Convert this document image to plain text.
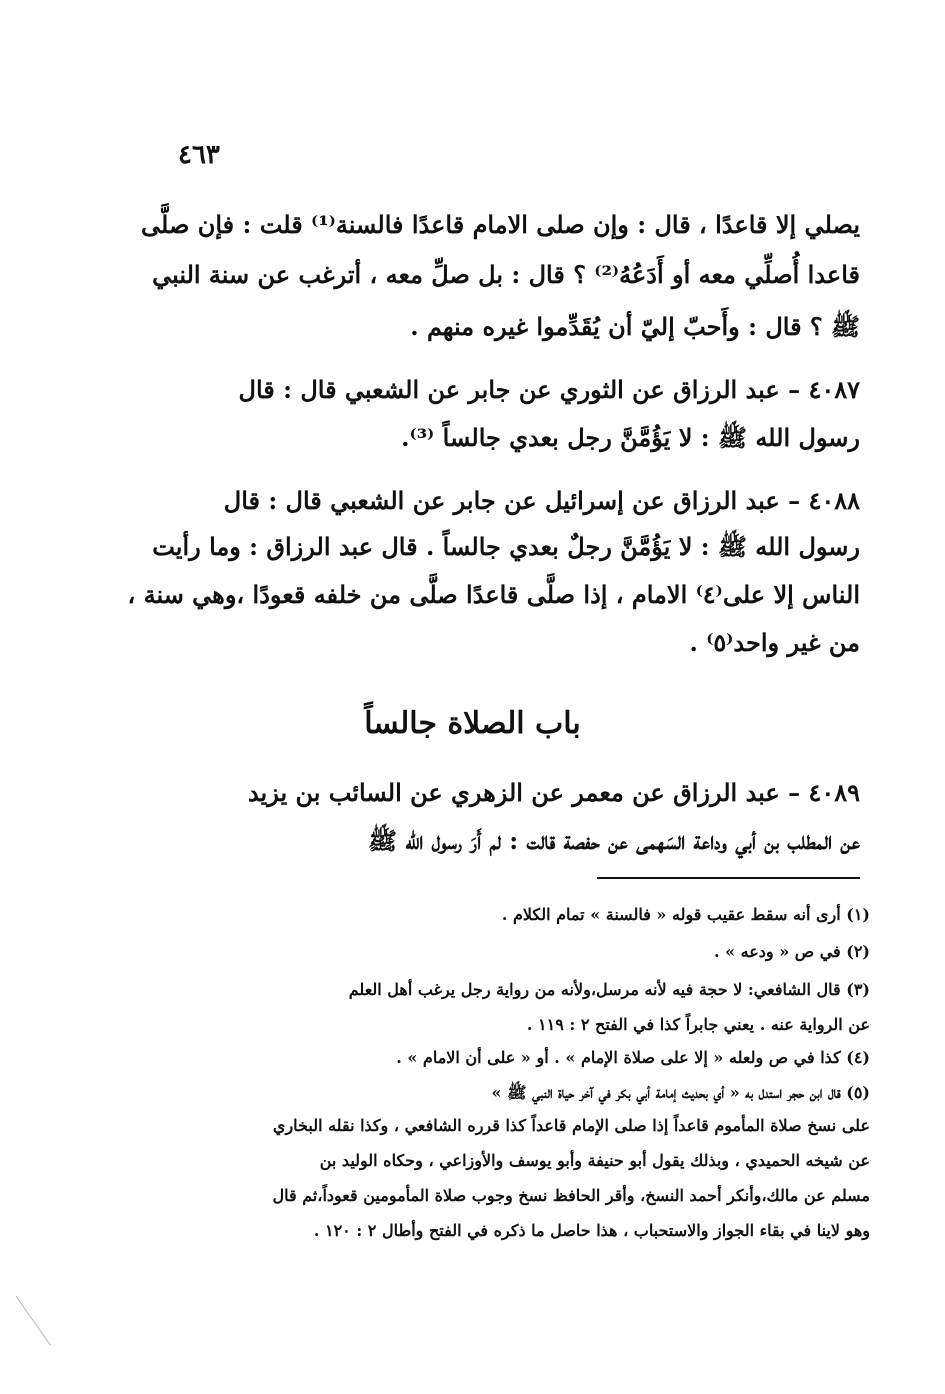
٤٦٣
يصلي إلا قاعدًا ، قال : وإن صلى الامام قاعدًا فالسنة⁽¹⁾ قلت : فإن صلَّى
قاعدا أُصلِّي معه أو أَدَعُهُ⁽²⁾ ؟ قال : بل صلِّ معه ، أترغب عن سنة النبي
ﷺ ؟ قال : وأَحبّ إليّ أن يُقَدِّموا غيره منهم .
٤٠٨٧ – عبد الرزاق عن الثوري عن جابر عن الشعبي قال : قال
رسول الله ﷺ : لا يَؤُمَّنَّ رجل بعدي جالساً ⁽³⁾.
٤٠٨٨ – عبد الرزاق عن إسرائيل عن جابر عن الشعبي قال : قال
رسول الله ﷺ : لا يَؤُمَّنَّ رجلٌ بعدي جالساً . قال عبد الرزاق : وما رأيت
الناس إلا على⁽٤⁾ الامام ، إذا صلَّى قاعدًا صلَّى من خلفه قعودًا ،وهي سنة ،
من غير واحد⁽٥⁾ .
باب الصلاة جالساً
٤٠٨٩ – عبد الرزاق عن معمر عن الزهري عن السائب بن يزيد
عن المطلب بن أبي وداعة السَهمى عن حفصة قالت : لم أَرَ رسول الله ﷺ
(١) أرى أنه سقط عقيب قوله « فالسنة » تمام الكلام .
(٢) في ص « ودعه » .
(٣) قال الشافعي: لا حجة فيه لأنه مرسل،ولأنه من رواية رجل يرغب أهل العلم
عن الرواية عنه . يعني جابراً كذا في الفتح ٢ : ١١٩ .
(٤) كذا في ص ولعله « إلا على صلاة الإمام » . أو « على أن الامام » .
(٥) قال ابن حجر استدل به « أي بحديث إمامة أبي بكر في آخر حياة النبي ﷺ »
على نسخ صلاة المأموم قاعداً إذا صلى الإمام قاعداً كذا قرره الشافعي ، وكذا نقله البخاري
عن شيخه الحميدي ، وبذلك يقول أبو حنيفة وأبو يوسف والأوزاعي ، وحكاه الوليد بن
مسلم عن مالك،وأنكر أحمد النسخ، وأقر الحافظ نسخ وجوب صلاة المأمومين قعوداً،ثم قال
وهو لاينا في بقاء الجواز والاستحباب ، هذا حاصل ما ذكره في الفتح وأطال ٢ : ١٢٠ .
